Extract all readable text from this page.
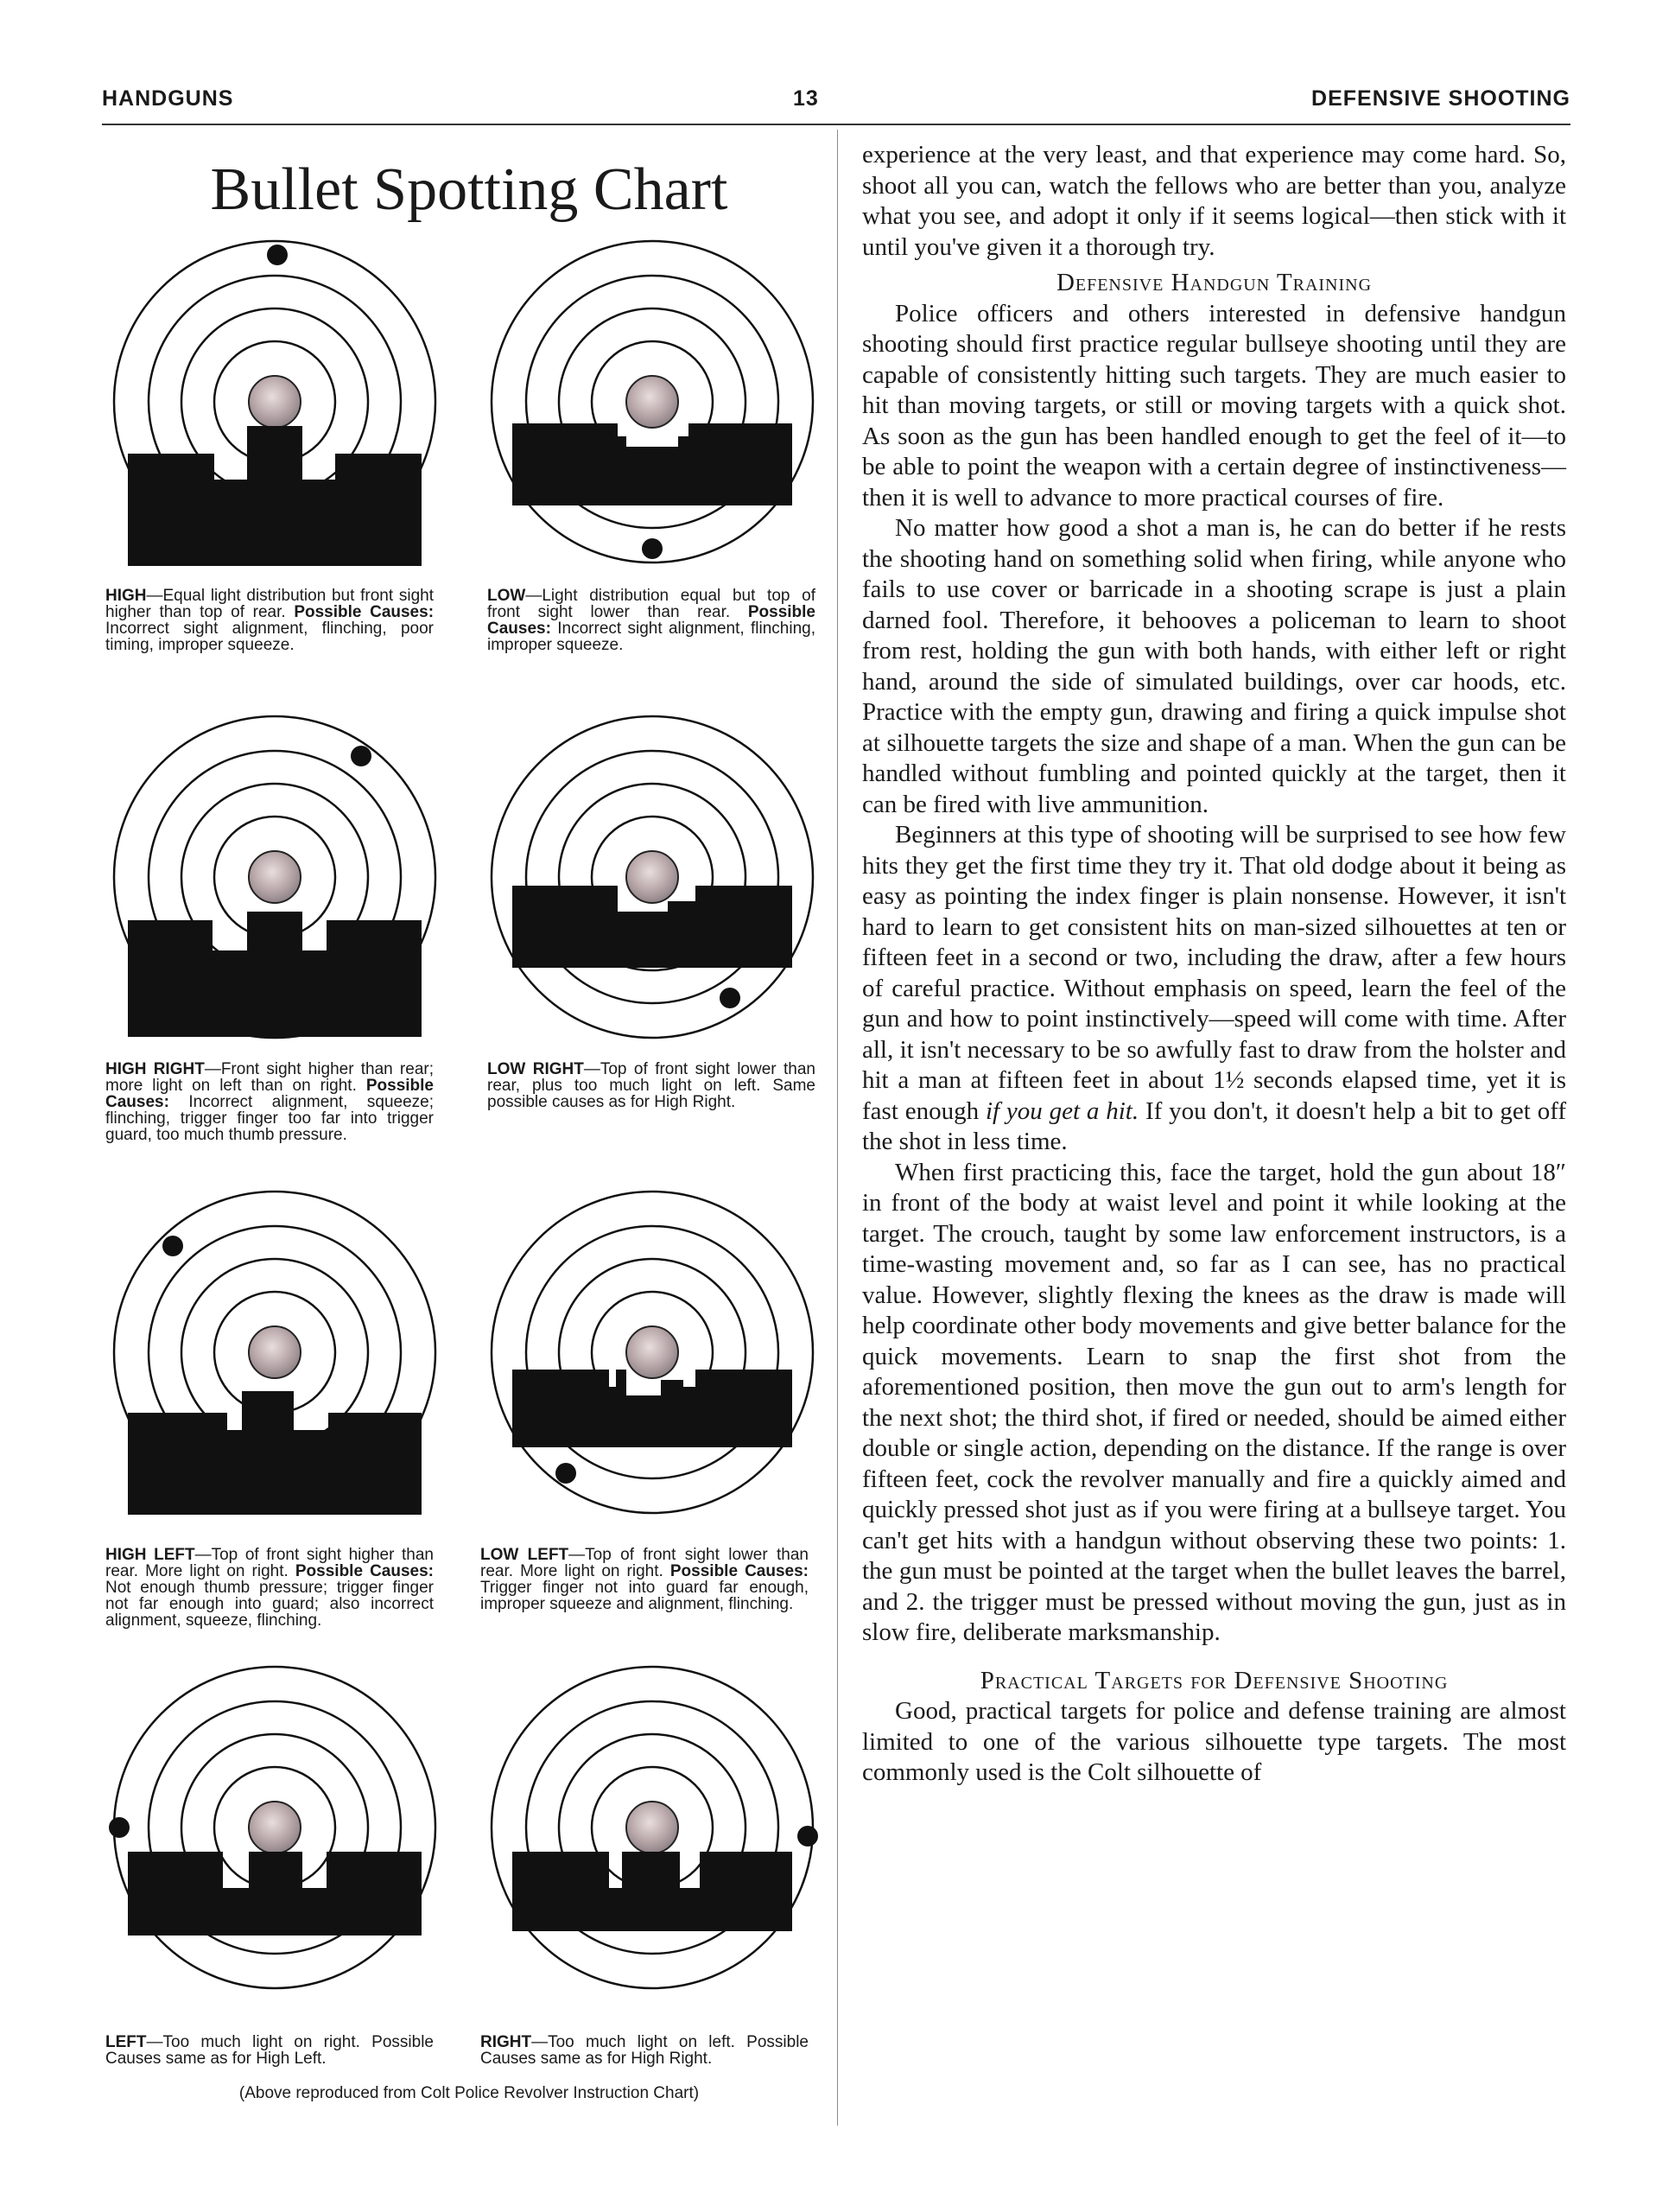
HANDGUNS	13	DEFENSIVE SHOOTING
Bullet Spotting Chart
HIGH—Equal light distribution but front sight higher than top of rear. Possible Causes: Incorrect sight alignment, flinching, poor timing, improper squeeze.
LOW—Light distribution equal but top of front sight lower than rear. Possible Causes: Incorrect sight alignment, flinching, improper squeeze.
HIGH RIGHT—Front sight higher than rear; more light on left than on right. Possible Causes: Incorrect alignment, squeeze; flinching, trigger finger too far into trigger guard, too much thumb pressure.
LOW RIGHT—Top of front sight lower than rear, plus too much light on left. Same possible causes as for High Right.
HIGH LEFT—Top of front sight higher than rear. More light on right. Possible Causes: Not enough thumb pressure; trigger finger not far enough into guard; also incorrect alignment, squeeze, flinching.
LOW LEFT—Top of front sight lower than rear. More light on right. Possible Causes: Trigger finger not into guard far enough, improper squeeze and alignment, flinching.
LEFT—Too much light on right. Possible Causes same as for High Left.
RIGHT—Too much light on left. Possible Causes same as for High Right.
(Above reproduced from Colt Police Revolver Instruction Chart)

experience at the very least, and that experience may come hard. So, shoot all you can, watch the fellows who are better than you, analyze what you see, and adopt it only if it seems logical—then stick with it until you've given it a thorough try.

Defensive Handgun Training

Police officers and others interested in defensive handgun shooting should first practice regular bullseye shooting until they are capable of consistently hitting such targets. They are much easier to hit than moving targets, or still or moving targets with a quick shot. As soon as the gun has been handled enough to get the feel of it—to be able to point the weapon with a certain degree of instinctiveness—then it is well to advance to more practical courses of fire.

No matter how good a shot a man is, he can do better if he rests the shooting hand on something solid when firing, while anyone who fails to use cover or barricade in a shooting scrape is just a plain darned fool. Therefore, it behooves a policeman to learn to shoot from rest, holding the gun with both hands, with either left or right hand, around the side of simulated buildings, over car hoods, etc. Practice with the empty gun, drawing and firing a quick impulse shot at silhouette targets the size and shape of a man. When the gun can be handled without fumbling and pointed quickly at the target, then it can be fired with live ammunition.

Beginners at this type of shooting will be surprised to see how few hits they get the first time they try it. That old dodge about it being as easy as pointing the index finger is plain nonsense. However, it isn't hard to learn to get consistent hits on man-sized silhouettes at ten or fifteen feet in a second or two, including the draw, after a few hours of careful practice. Without emphasis on speed, learn the feel of the gun and how to point instinctively—speed will come with time. After all, it isn't necessary to be so awfully fast to draw from the holster and hit a man at fifteen feet in about 1½ seconds elapsed time, yet it is fast enough if you get a hit. If you don't, it doesn't help a bit to get off the shot in less time.

When first practicing this, face the target, hold the gun about 18″ in front of the body at waist level and point it while looking at the target. The crouch, taught by some law enforcement instructors, is a time-wasting movement and, so far as I can see, has no practical value. However, slightly flexing the knees as the draw is made will help coordinate other body movements and give better balance for the quick movements. Learn to snap the first shot from the aforementioned position, then move the gun out to arm's length for the next shot; the third shot, if fired or needed, should be aimed either double or single action, depending on the distance. If the range is over fifteen feet, cock the revolver manually and fire a quickly aimed and quickly pressed shot just as if you were firing at a bullseye target. You can't get hits with a handgun without observing these two points: 1. the gun must be pointed at the target when the bullet leaves the barrel, and 2. the trigger must be pressed without moving the gun, just as in slow fire, deliberate marksmanship.

Practical Targets for Defensive Shooting

Good, practical targets for police and defense training are almost limited to one of the various silhouette type targets. The most commonly used is the Colt silhouette of
